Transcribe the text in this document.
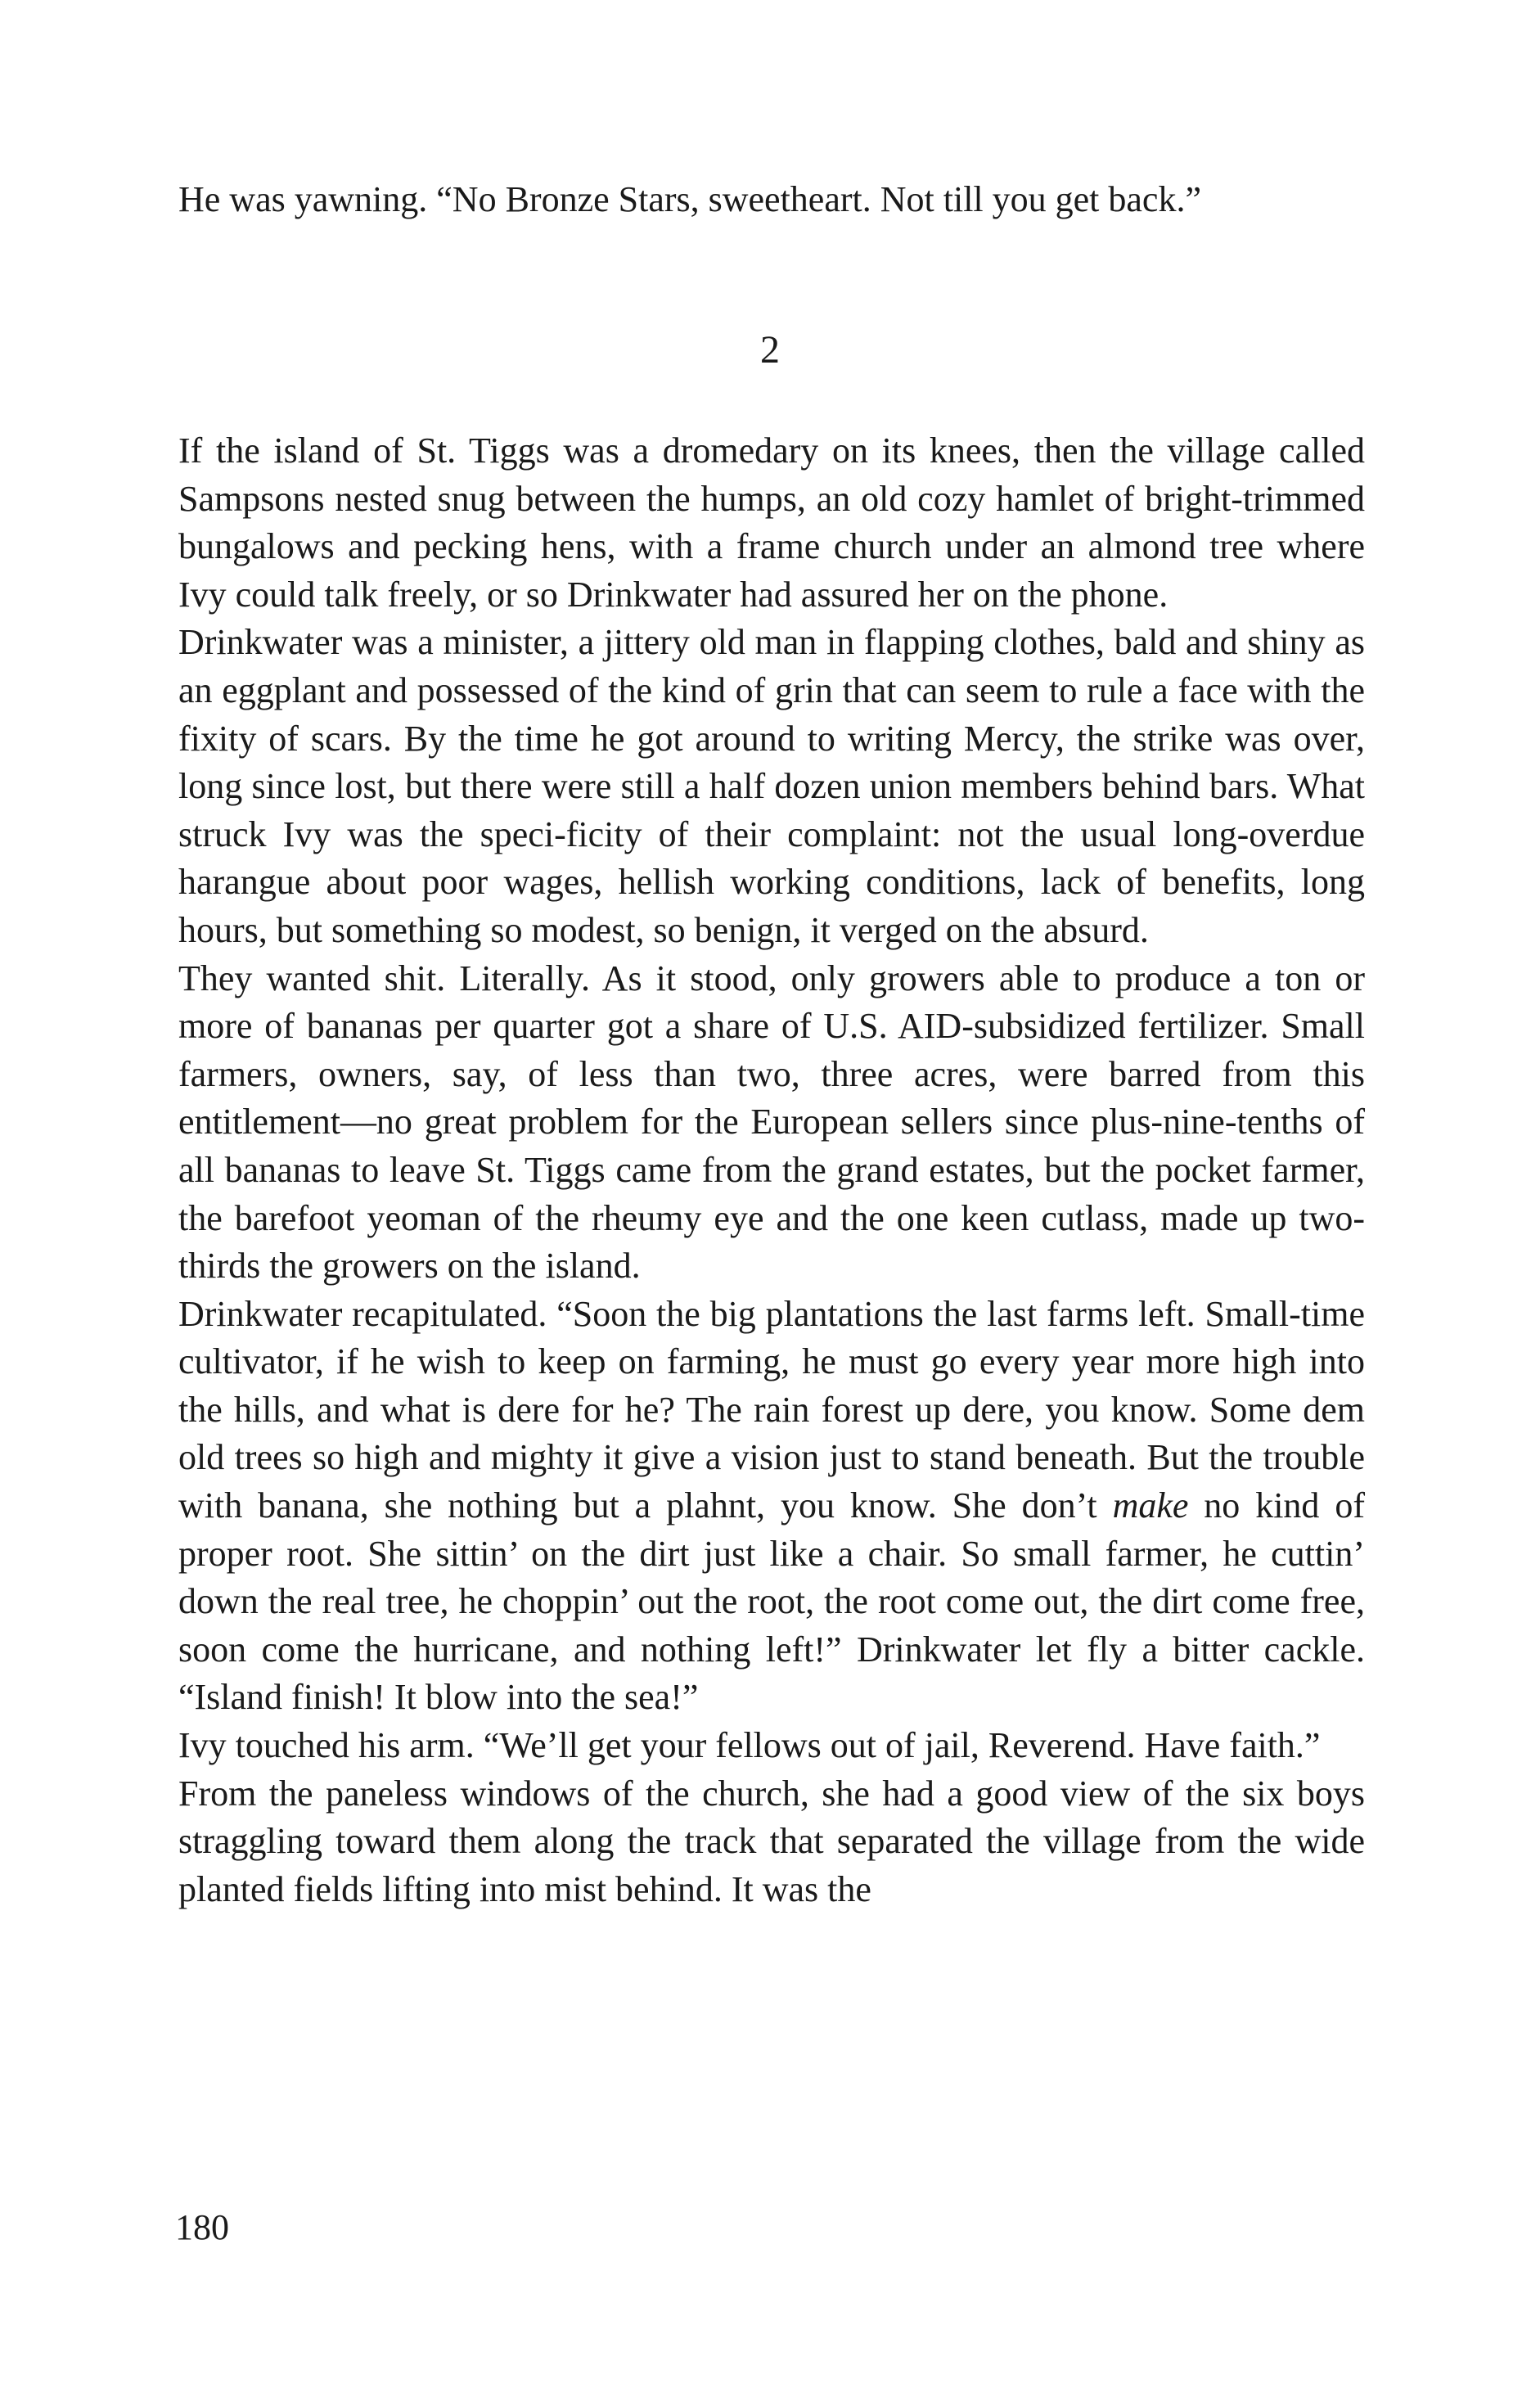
He was yawning. “No Bronze Stars, sweetheart. Not till you get back.”
2

If the island of St. Tiggs was a dromedary on its knees, then the village called Sampsons nested snug between the humps, an old cozy hamlet of bright-trimmed bungalows and pecking hens, with a frame church under an almond tree where Ivy could talk freely, or so Drinkwater had assured her on the phone.

Drinkwater was a minister, a jittery old man in flapping clothes, bald and shiny as an eggplant and possessed of the kind of grin that can seem to rule a face with the fixity of scars. By the time he got around to writing Mercy, the strike was over, long since lost, but there were still a half dozen union members behind bars. What struck Ivy was the speci-ficity of their complaint: not the usual long-overdue harangue about poor wages, hellish working conditions, lack of benefits, long hours, but something so modest, so benign, it verged on the absurd.

They wanted shit. Literally. As it stood, only growers able to produce a ton or more of bananas per quarter got a share of U.S. AID-subsidized fertilizer. Small farmers, owners, say, of less than two, three acres, were barred from this entitlement—no great problem for the European sellers since plus-nine-tenths of all bananas to leave St. Tiggs came from the grand estates, but the pocket farmer, the barefoot yeoman of the rheumy eye and the one keen cutlass, made up two-thirds the growers on the island.

Drinkwater recapitulated. “Soon the big plantations the last farms left. Small-time cultivator, if he wish to keep on farming, he must go every year more high into the hills, and what is dere for he? The rain forest up dere, you know. Some dem old trees so high and mighty it give a vision just to stand beneath. But the trouble with banana, she nothing but a plahnt, you know. She don’t make no kind of proper root. She sittin’ on the dirt just like a chair. So small farmer, he cuttin’ down the real tree, he choppin’ out the root, the root come out, the dirt come free, soon come the hurricane, and nothing left!” Drinkwater let fly a bitter cackle. “Island finish! It blow into the sea!”

Ivy touched his arm. “We’ll get your fellows out of jail, Reverend. Have faith.”

From the paneless windows of the church, she had a good view of the six boys straggling toward them along the track that separated the village from the wide planted fields lifting into mist behind. It was the

180
